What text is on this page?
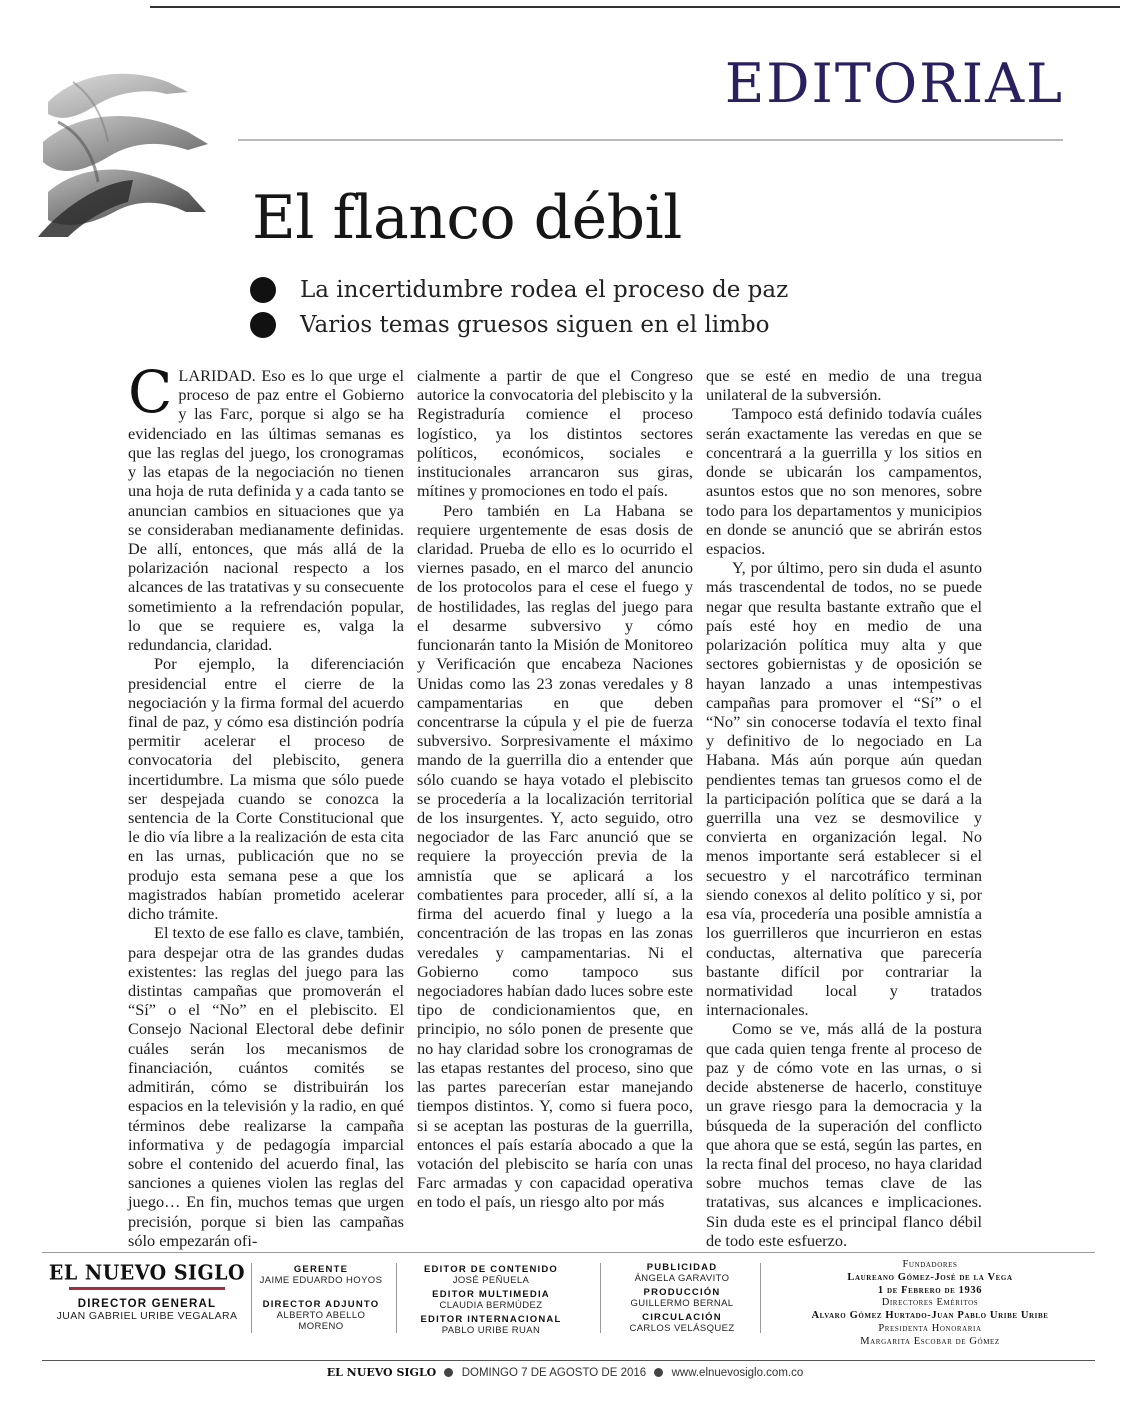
EDITORIAL
El flanco débil
La incertidumbre rodea el proceso de paz
Varios temas gruesos siguen en el limbo

CLARIDAD. Eso es lo que urge el proceso de paz entre el Gobierno y las Farc, porque si algo se ha evidenciado en las últimas semanas es que las reglas del juego, los cronogramas y las etapas de la negociación no tienen una hoja de ruta definida y a cada tanto se anuncian cambios en situaciones que ya se consideraban medianamente definidas. De allí, entonces, que más allá de la polarización nacional respecto a los alcances de las tratativas y su consecuente sometimiento a la refrendación popular, lo que se requiere es, valga la redundancia, claridad.

Por ejemplo, la diferenciación presidencial entre el cierre de la negociación y la firma formal del acuerdo final de paz, y cómo esa distinción podría permitir acelerar el proceso de convocatoria del plebiscito, genera incertidumbre. La misma que sólo puede ser despejada cuando se conozca la sentencia de la Corte Constitucional que le dio vía libre a la realización de esta cita en las urnas, publicación que no se produjo esta semana pese a que los magistrados habían prometido acelerar dicho trámite.

El texto de ese fallo es clave, también, para despejar otra de las grandes dudas existentes: las reglas del juego para las distintas campañas que promoverán el “Sí” o el “No” en el plebiscito. El Consejo Nacional Electoral debe definir cuáles serán los mecanismos de financiación, cuántos comités se admitirán, cómo se distribuirán los espacios en la televisión y la radio, en qué términos debe realizarse la campaña informativa y de pedagogía imparcial sobre el contenido del acuerdo final, las sanciones a quienes violen las reglas del juego… En fin, muchos temas que urgen precisión, porque si bien las campañas sólo empezarán ofi-

cialmente a partir de que el Congreso autorice la convocatoria del plebiscito y la Registraduría comience el proceso logístico, ya los distintos sectores políticos, económicos, sociales e institucionales arrancaron sus giras, mítines y promociones en todo el país.

Pero también en La Habana se requiere urgentemente de esas dosis de claridad. Prueba de ello es lo ocurrido el viernes pasado, en el marco del anuncio de los protocolos para el cese el fuego y de hostilidades, las reglas del juego para el desarme subversivo y cómo funcionarán tanto la Misión de Monitoreo y Verificación que encabeza Naciones Unidas como las 23 zonas veredales y 8 campamentarias en que deben concentrarse la cúpula y el pie de fuerza subversivo. Sorpresivamente el máximo mando de la guerrilla dio a entender que sólo cuando se haya votado el plebiscito se procedería a la localización territorial de los insurgentes. Y, acto seguido, otro negociador de las Farc anunció que se requiere la proyección previa de la amnistía que se aplicará a los combatientes para proceder, allí sí, a la firma del acuerdo final y luego a la concentración de las tropas en las zonas veredales y campamentarias. Ni el Gobierno como tampoco sus negociadores habían dado luces sobre este tipo de condicionamientos que, en principio, no sólo ponen de presente que no hay claridad sobre los cronogramas de las etapas restantes del proceso, sino que las partes parecerían estar manejando tiempos distintos. Y, como si fuera poco, si se aceptan las posturas de la guerrilla, entonces el país estaría abocado a que la votación del plebiscito se haría con unas Farc armadas y con capacidad operativa en todo el país, un riesgo alto por más

que se esté en medio de una tregua unilateral de la subversión.

Tampoco está definido todavía cuáles serán exactamente las veredas en que se concentrará a la guerrilla y los sitios en donde se ubicarán los campamentos, asuntos estos que no son menores, sobre todo para los departamentos y municipios en donde se anunció que se abrirán estos espacios.

Y, por último, pero sin duda el asunto más trascendental de todos, no se puede negar que resulta bastante extraño que el país esté hoy en medio de una polarización política muy alta y que sectores gobiernistas y de oposición se hayan lanzado a unas intempestivas campañas para promover el “Sí” o el “No” sin conocerse todavía el texto final y definitivo de lo negociado en La Habana. Más aún porque aún quedan pendientes temas tan gruesos como el de la participación política que se dará a la guerrilla una vez se desmovilice y convierta en organización legal. No menos importante será establecer si el secuestro y el narcotráfico terminan siendo conexos al delito político y si, por esa vía, procedería una posible amnistía a los guerrilleros que incurrieron en estas conductas, alternativa que parecería bastante difícil por contrariar la normatividad local y tratados internacionales.

Como se ve, más allá de la postura que cada quien tenga frente al proceso de paz y de cómo vote en las urnas, o si decide abstenerse de hacerlo, constituye un grave riesgo para la democracia y la búsqueda de la superación del conflicto que ahora que se está, según las partes, en la recta final del proceso, no haya claridad sobre muchos temas clave de las tratativas, sus alcances e implicaciones. Sin duda este es el principal flanco débil de todo este esfuerzo.

EL NUEVO SIGLO
DIRECTOR GENERAL
JUAN GABRIEL URIBE VEGALARA
GERENTE
JAIME EDUARDO HOYOS
DIRECTOR ADJUNTO
ALBERTO ABELLO MORENO
EDITOR DE CONTENIDO
JOSÉ PEÑUELA
EDITOR MULTIMEDIA
CLAUDIA BERMÚDEZ
EDITOR INTERNACIONAL
PABLO URIBE RUAN
PUBLICIDAD
ÁNGELA GARAVITO
PRODUCCIÓN
GUILLERMO BERNAL
CIRCULACIÓN
CARLOS VELÁSQUEZ
Fundadores
Laureano Gómez-José de la Vega
1 de Febrero de 1936
Directores Eméritos
Alvaro Gómez Hurtado-Juan Pablo Uribe Uribe
Presidenta Honoraria
Margarita Escobar de Gómez
EL NUEVO SIGLO DOMINGO 7 DE AGOSTO DE 2016 www.elnuevosiglo.com.co
